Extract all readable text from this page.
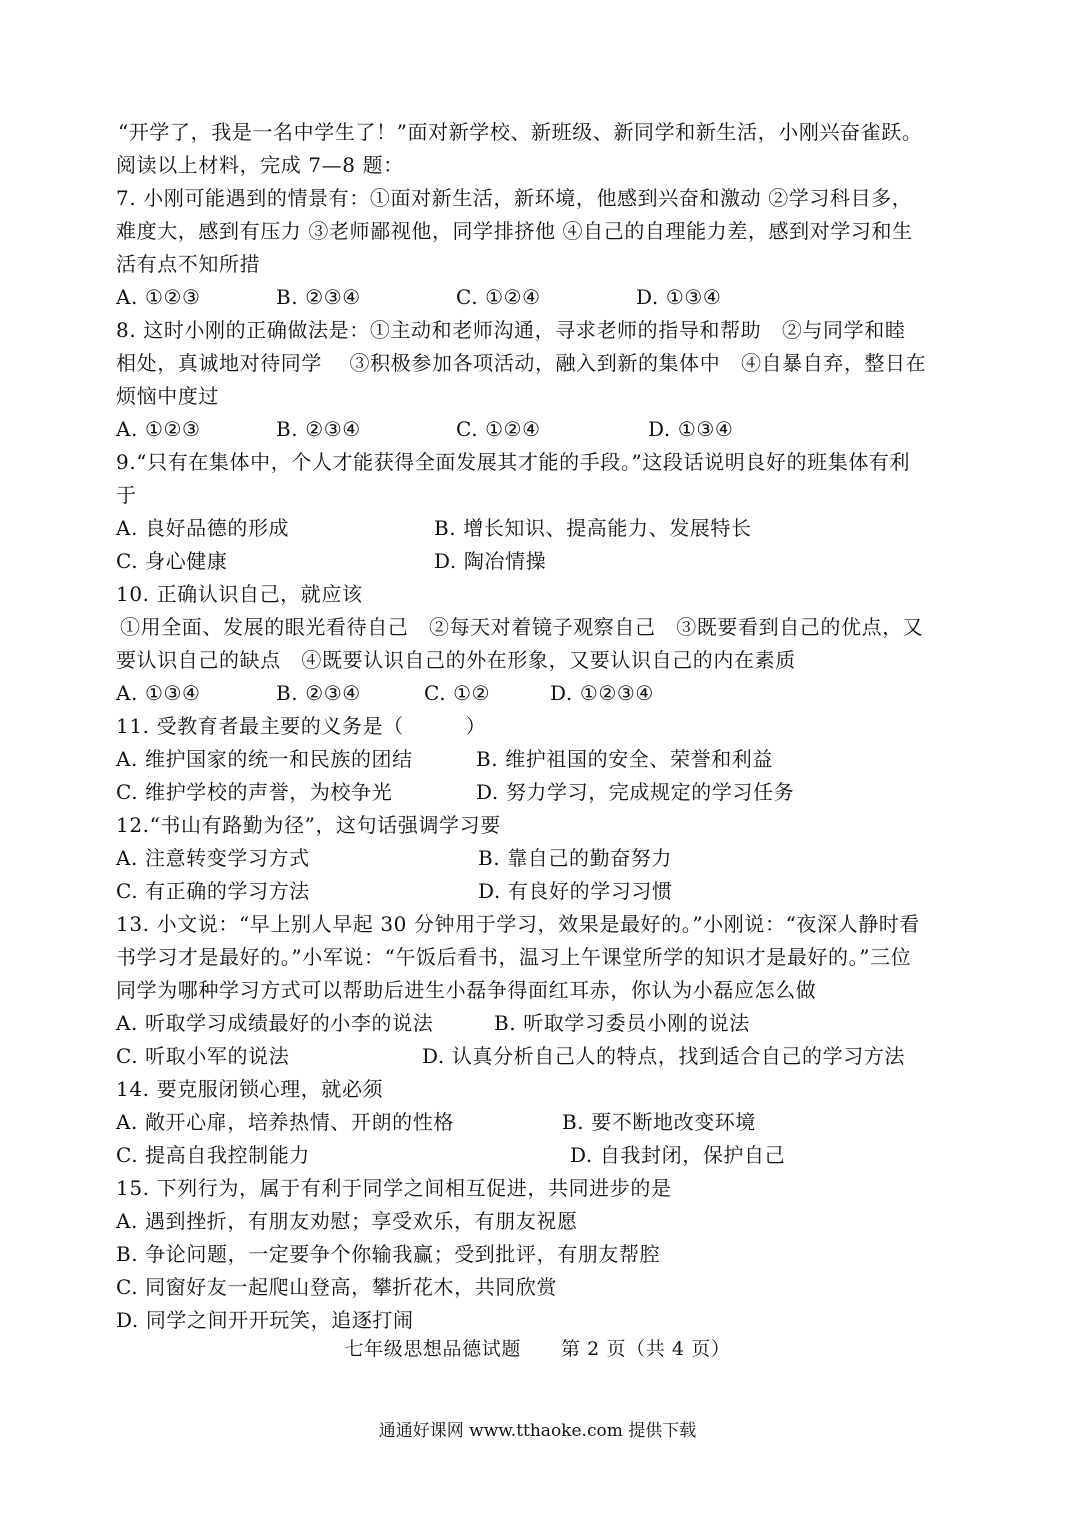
“开学了，我是一名中学生了！”面对新学校、新班级、新同学和新生活，小刚兴奋雀跃。
阅读以上材料，完成 7—8 题：
7. 小刚可能遇到的情景有：①面对新生活，新环境，他感到兴奋和激动 ②学习科目多，
难度大，感到有压力 ③老师鄙视他，同学排挤他 ④自己的自理能力差，感到对学习和生
活有点不知所措
A. ①②③	B. ②③④	C. ①②④	D. ①③④
8. 这时小刚的正确做法是：①主动和老师沟通，寻求老师的指导和帮助　②与同学和睦
相处，真诚地对待同学　 ③积极参加各项活动，融入到新的集体中　④自暴自弃，整日在
烦恼中度过
A. ①②③	B. ②③④	C. ①②④	D. ①③④
9.“只有在集体中，个人才能获得全面发展其才能的手段。”这段话说明良好的班集体有利
于
A. 良好品德的形成	B. 增长知识、提高能力、发展特长
C. 身心健康	D. 陶冶情操
10. 正确认识自己，就应该
①用全面、发展的眼光看待自己　②每天对着镜子观察自己　③既要看到自己的优点，又
要认识自己的缺点　④既要认识自己的外在形象，又要认识自己的内在素质
A. ①③④	B. ②③④	C. ①②	D. ①②③④
11. 受教育者最主要的义务是（　　　）
A. 维护国家的统一和民族的团结	B. 维护祖国的安全、荣誉和利益
C. 维护学校的声誉，为校争光	D. 努力学习，完成规定的学习任务
12.“书山有路勤为径”，这句话强调学习要
A. 注意转变学习方式	B. 靠自己的勤奋努力
C. 有正确的学习方法	D. 有良好的学习习惯
13. 小文说：“早上别人早起 30 分钟用于学习，效果是最好的。”小刚说：“夜深人静时看
书学习才是最好的。”小军说：“午饭后看书，温习上午课堂所学的知识才是最好的。”三位
同学为哪种学习方式可以帮助后进生小磊争得面红耳赤，你认为小磊应怎么做
A. 听取学习成绩最好的小李的说法	B. 听取学习委员小刚的说法
C. 听取小军的说法	D. 认真分析自己人的特点，找到适合自己的学习方法
14. 要克服闭锁心理，就必须
A. 敞开心扉，培养热情、开朗的性格	B. 要不断地改变环境
C. 提高自我控制能力	D. 自我封闭，保护自己
15. 下列行为，属于有利于同学之间相互促进，共同进步的是
A. 遇到挫折，有朋友劝慰；享受欢乐，有朋友祝愿
B. 争论问题，一定要争个你输我赢；受到批评，有朋友帮腔
C. 同窗好友一起爬山登高，攀折花木，共同欣赏
D. 同学之间开开玩笑，追逐打闹
七年级思想品德试题 第 2 页（共 4 页）
通通好课网 www.tthaoke.com 提供下载
